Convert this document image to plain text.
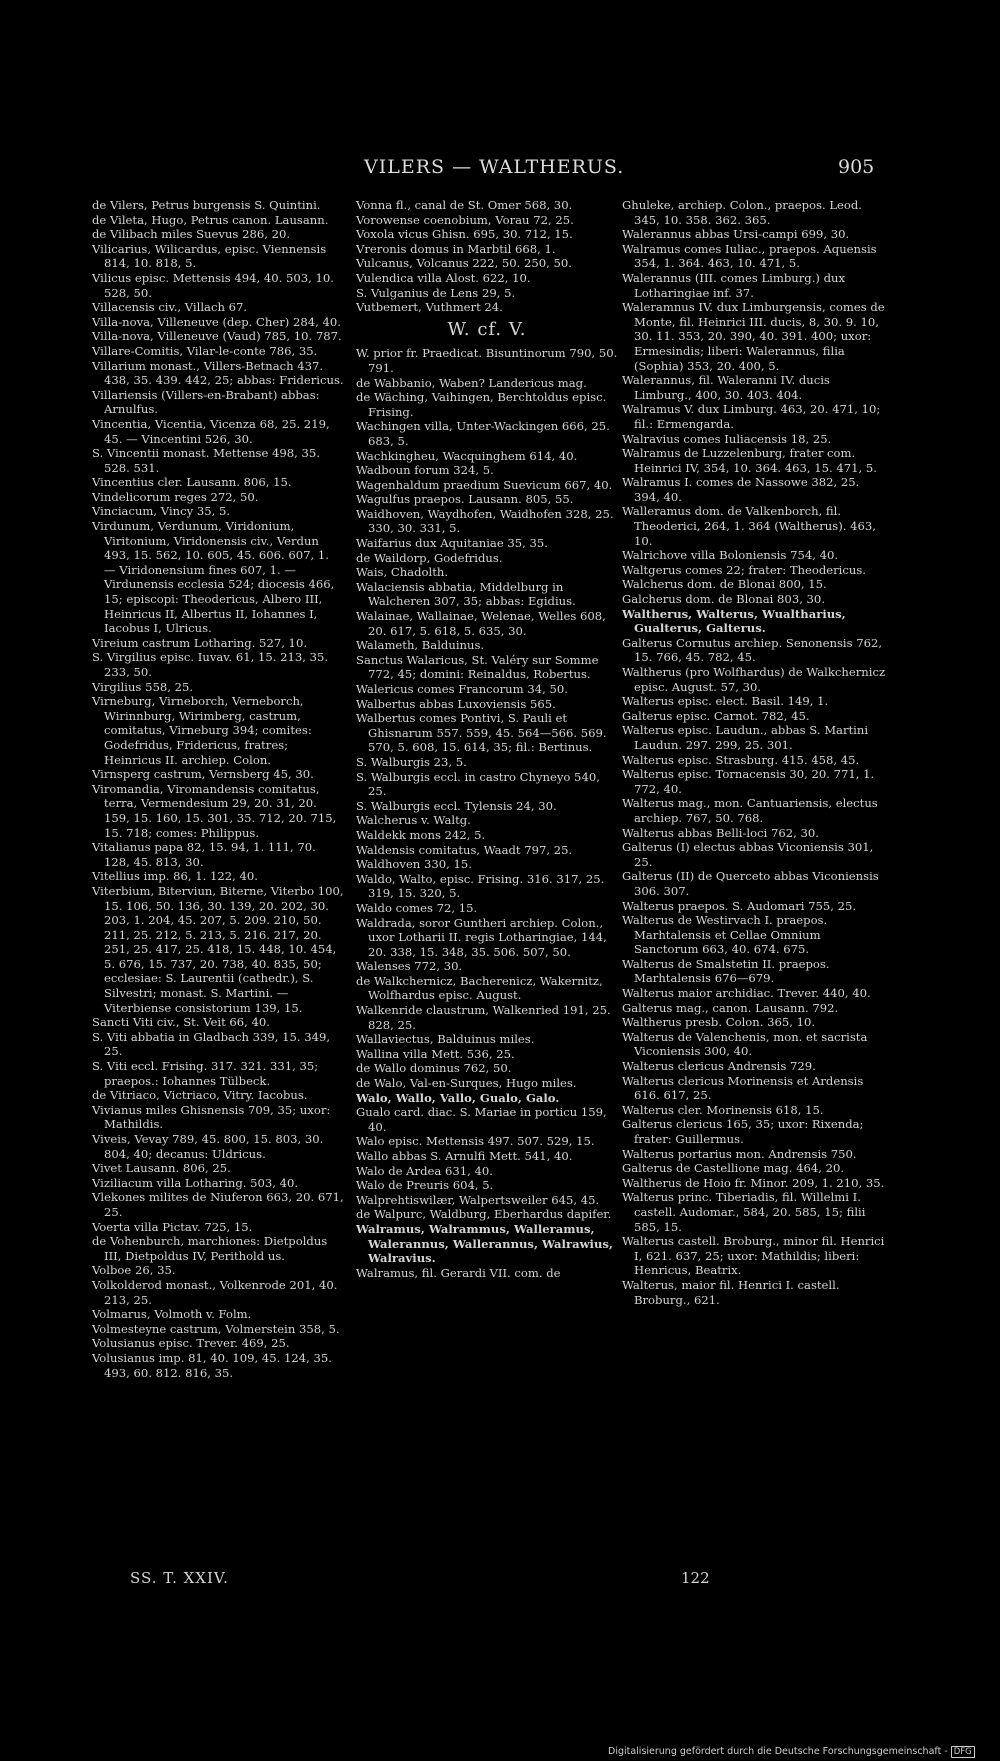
VILERS — WALTHERUS.	905

de Vilers, Petrus burgensis S. Quintini.

de Vileta, Hugo, Petrus canon. Lausann.

de Vilibach miles Suevus 286, 20.

Vilicarius, Wilicardus, episc. Viennensis 814, 10. 818, 5.

Vilicus episc. Mettensis 494, 40. 503, 10. 528, 50.

Villacensis civ., Villach 67.

Villa-nova, Villeneuve (dep. Cher) 284, 40.

Villa-nova, Villeneuve (Vaud) 785, 10. 787.

Villare-Comitis, Vilar-le-conte 786, 35.

Villarium monast., Villers-Betnach 437. 438, 35. 439. 442, 25; abbas: Fridericus.

Villariensis (Villers-en-Brabant) abbas: Arnulfus.

Vincentia, Vicentia, Vicenza 68, 25. 219, 45. — Vincentini 526, 30.

S. Vincentii monast. Mettense 498, 35. 528. 531.

Vincentius cler. Lausann. 806, 15.

Vindelicorum reges 272, 50.

Vinciacum, Vincy 35, 5.

Virdunum, Verdunum, Viridonium, Viritonium, Viridonensis civ., Verdun 493, 15. 562, 10. 605, 45. 606. 607, 1. — Viridonensium fines 607, 1. — Virdunensis ecclesia 524; diocesis 466, 15; episcopi: Theodericus, Albero III, Heinricus II, Albertus II, Iohannes I, Iacobus I, Ulricus.

Vireium castrum Lotharing. 527, 10.

S. Virgilius episc. Iuvav. 61, 15. 213, 35. 233, 50.

Virgilius 558, 25.

Virneburg, Virneborch, Verneborch, Wirinnburg, Wirimberg, castrum, comitatus, Virneburg 394; comites: Godefridus, Fridericus, fratres; Heinricus II. archiep. Colon.

Virnsperg castrum, Vernsberg 45, 30.

Viromandia, Viromandensis comitatus, terra, Vermendesium 29, 20. 31, 20. 159, 15. 160, 15. 301, 35. 712, 20. 715, 15. 718; comes: Philippus.

Vitalianus papa 82, 15. 94, 1. 111, 70. 128, 45. 813, 30.

Vitellius imp. 86, 1. 122, 40.

Viterbium, Biterviun, Biterne, Viterbo 100, 15. 106, 50. 136, 30. 139, 20. 202, 30. 203, 1. 204, 45. 207, 5. 209. 210, 50. 211, 25. 212, 5. 213, 5. 216. 217, 20. 251, 25. 417, 25. 418, 15. 448, 10. 454, 5. 676, 15. 737, 20. 738, 40. 835, 50; ecclesiae: S. Laurentii (cathedr.), S. Silvestri; monast. S. Martini. — Viterbiense consistorium 139, 15.

Sancti Viti civ., St. Veit 66, 40.

S. Viti abbatia in Gladbach 339, 15. 349, 25.

S. Viti eccl. Frising. 317. 321. 331, 35; praepos.: Iohannes Tülbeck.

de Vitriaco, Victriaco, Vitry. Iacobus.

Vivianus miles Ghisnensis 709, 35; uxor: Mathildis.

Viveis, Vevay 789, 45. 800, 15. 803, 30. 804, 40; decanus: Uldricus.

Vivet Lausann. 806, 25.

Viziliacum villa Lotharing. 503, 40.

Vlekones milites de Niuferon 663, 20. 671, 25.

Voerta villa Pictav. 725, 15.

de Vohenburch, marchiones: Dietpoldus III, Dietpoldus IV, Perithold us.

Volboe 26, 35.

Volkolderod monast., Volkenrode 201, 40. 213, 25.

Volmarus, Volmoth v. Folm.

Volmesteyne castrum, Volmerstein 358, 5.

Volusianus episc. Trever. 469, 25.

Volusianus imp. 81, 40. 109, 45. 124, 35. 493, 60. 812. 816, 35.

Vonna fl., canal de St. Omer 568, 30.

Vorowense coenobium, Vorau 72, 25.

Voxola vicus Ghisn. 695, 30. 712, 15.

Vreronis domus in Marbtil 668, 1.

Vulcanus, Volcanus 222, 50. 250, 50.

Vulendica villa Alost. 622, 10.

S. Vulganius de Lens 29, 5.

Vutbemert, Vuthmert 24.

W. cf. V.

W. prior fr. Praedicat. Bisuntinorum 790, 50. 791.

de Wabbanio, Waben? Landericus mag.

de Wäching, Vaihingen, Berchtoldus episc. Frising.

Wachingen villa, Unter-Wackingen 666, 25. 683, 5.

Wachkingheu, Wacquinghem 614, 40.

Wadboun forum 324, 5.

Wagenhaldum praedium Suevicum 667, 40.

Wagulfus praepos. Lausann. 805, 55.

Waidhoven, Waydhofen, Waidhofen 328, 25. 330, 30. 331, 5.

Waifarius dux Aquitaniae 35, 35.

de Waildorp, Godefridus.

Wais, Chadolth.

Walaciensis abbatia, Middelburg in Walcheren 307, 35; abbas: Egidius.

Walainae, Wallainae, Welenae, Welles 608, 20. 617, 5. 618, 5. 635, 30.

Walameth, Balduinus.

Sanctus Walaricus, St. Valéry sur Somme 772, 45; domini: Reinaldus, Robertus.

Walericus comes Francorum 34, 50.

Walbertus abbas Luxoviensis 565.

Walbertus comes Pontivi, S. Pauli et Ghisnarum 557. 559, 45. 564—566. 569. 570, 5. 608, 15. 614, 35; fil.: Bertinus.

S. Walburgis 23, 5.

S. Walburgis eccl. in castro Chyneyo 540, 25.

S. Walburgis eccl. Tylensis 24, 30.

Walcherus v. Waltg.

Waldekk mons 242, 5.

Waldensis comitatus, Waadt 797, 25.

Waldhoven 330, 15.

Waldo, Walto, episc. Frising. 316. 317, 25. 319, 15. 320, 5.

Waldo comes 72, 15.

Waldrada, soror Guntheri archiep. Colon., uxor Lotharii II. regis Lotharingiae, 144, 20. 338, 15. 348, 35. 506. 507, 50.

Walenses 772, 30.

de Walkchernicz, Bacherenicz, Wakernitz, Wolfhardus episc. August.

Walkenride claustrum, Walkenried 191, 25. 828, 25.

Wallaviectus, Balduinus miles.

Wallina villa Mett. 536, 25.

de Wallo dominus 762, 50.

de Walo, Val-en-Surques, Hugo miles.

Walo, Wallo, Vallo, Gualo, Galo.

Gualo card. diac. S. Mariae in porticu 159, 40.

Walo episc. Mettensis 497. 507. 529, 15.

Wallo abbas S. Arnulfi Mett. 541, 40.

Walo de Ardea 631, 40.

Walo de Preuris 604, 5.

Walprehtiswilær, Walpertsweiler 645, 45.

de Walpurc, Waldburg, Eberhardus dapifer.

Walramus, Walrammus, Walleramus, Walerannus, Wallerannus, Walrawius, Walravius.

Walramus, fil. Gerardi VII. com. de

Ghuleke, archiep. Colon., praepos. Leod. 345, 10. 358. 362. 365.

Walerannus abbas Ursi-campi 699, 30.

Walramus comes Iuliac., praepos. Aquensis 354, 1. 364. 463, 10. 471, 5.

Walerannus (III. comes Limburg.) dux Lotharingiae inf. 37.

Waleramnus IV. dux Limburgensis, comes de Monte, fil. Heinrici III. ducis, 8, 30. 9. 10, 30. 11. 353, 20. 390, 40. 391. 400; uxor: Ermesindis; liberi: Walerannus, filia (Sophia) 353, 20. 400, 5.

Walerannus, fil. Waleranni IV. ducis Limburg., 400, 30. 403. 404.

Walramus V. dux Limburg. 463, 20. 471, 10; fil.: Ermengarda.

Walravius comes Iuliacensis 18, 25.

Walramus de Luzzelenburg, frater com. Heinrici IV, 354, 10. 364. 463, 15. 471, 5.

Walramus I. comes de Nassowe 382, 25. 394, 40.

Walleramus dom. de Valkenborch, fil. Theoderici, 264, 1. 364 (Waltherus). 463, 10.

Walrichove villa Boloniensis 754, 40.

Waltgerus comes 22; frater: Theodericus.

Walcherus dom. de Blonai 800, 15.

Galcherus dom. de Blonai 803, 30.

Waltherus, Walterus, Wualtharius, Gualterus, Galterus.

Galterus Cornutus archiep. Senonensis 762, 15. 766, 45. 782, 45.

Waltherus (pro Wolfhardus) de Walkchernicz episc. August. 57, 30.

Walterus episc. elect. Basil. 149, 1.

Galterus episc. Carnot. 782, 45.

Walterus episc. Laudun., abbas S. Martini Laudun. 297. 299, 25. 301.

Walterus episc. Strasburg. 415. 458, 45.

Walterus episc. Tornacensis 30, 20. 771, 1. 772, 40.

Walterus mag., mon. Cantuariensis, electus archiep. 767, 50. 768.

Walterus abbas Belli-loci 762, 30.

Galterus (I) electus abbas Viconiensis 301, 25.

Galterus (II) de Querceto abbas Viconiensis 306. 307.

Walterus praepos. S. Audomari 755, 25.

Walterus de Westirvach I. praepos. Marhtalensis et Cellae Omnium Sanctorum 663, 40. 674. 675.

Walterus de Smalstetin II. praepos. Marhtalensis 676—679.

Walterus maior archidiac. Trever. 440, 40.

Galterus mag., canon. Lausann. 792.

Waltherus presb. Colon. 365, 10.

Walterus de Valenchenis, mon. et sacrista Viconiensis 300, 40.

Walterus clericus Andrensis 729.

Walterus clericus Morinensis et Ardensis 616. 617, 25.

Walterus cler. Morinensis 618, 15.

Galterus clericus 165, 35; uxor: Rixenda; frater: Guillermus.

Walterus portarius mon. Andrensis 750.

Galterus de Castellione mag. 464, 20.

Waltherus de Hoio fr. Minor. 209, 1. 210, 35.

Walterus princ. Tiberiadis, fil. Willelmi I. castell. Audomar., 584, 20. 585, 15; filii 585, 15.

Walterus castell. Broburg., minor fil. Henrici I, 621. 637, 25; uxor: Mathildis; liberi: Henricus, Beatrix.

Walterus, maior fil. Henrici I. castell. Broburg., 621.

SS. T. XXIV.	122
Digitalisierung gefördert durch die Deutsche Forschungsgemeinschaft - DFG
